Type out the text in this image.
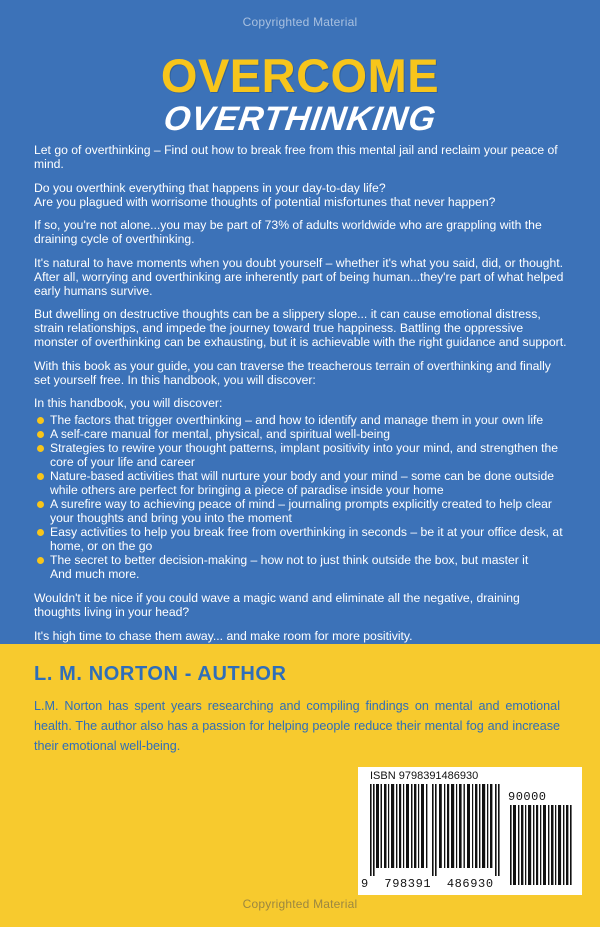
Copyrighted Material
OVERCOME
OVERTHINKING

Let go of overthinking – Find out how to break free from this mental jail and reclaim your peace of mind.

Do you overthink everything that happens in your day-to-day life?

Are you plagued with worrisome thoughts of potential misfortunes that never happen?

If so, you're not alone...you may be part of 73% of adults worldwide who are grappling with the draining cycle of overthinking.

It's natural to have moments when you doubt yourself – whether it's what you said, did, or thought. After all, worrying and overthinking are inherently part of being human...they're part of what helped early humans survive.

But dwelling on destructive thoughts can be a slippery slope... it can cause emotional distress, strain relationships, and impede the journey toward true happiness. Battling the oppressive monster of overthinking can be exhausting, but it is achievable with the right guidance and support.

With this book as your guide, you can traverse the treacherous terrain of overthinking and finally set yourself free. In this handbook, you will discover:

In this handbook, you will discover:

The factors that trigger overthinking – and how to identify and manage them in your own life
A self-care manual for mental, physical, and spiritual well-being
Strategies to rewire your thought patterns, implant positivity into your mind, and strengthen the core of your life and career
Nature-based activities that will nurture your body and your mind – some can be done outside while others are perfect for bringing a piece of paradise inside your home
A surefire way to achieving peace of mind – journaling prompts explicitly created to help clear your thoughts and bring you into the moment
Easy activities to help you break free from overthinking in seconds – be it at your office desk, at home, or on the go
The secret to better decision-making – how not to just think outside the box, but master it
And much more.

Wouldn't it be nice if you could wave a magic wand and eliminate all the negative, draining thoughts living in your head?

It's high time to chase them away... and make room for more positivity.

L. M. NORTON - AUTHOR
L.M. Norton has spent years researching and compiling findings on mental and emotional health. The author also has a passion for helping people reduce their mental fog and increase their emotional well-being.
ISBN 9798391486930
90000
9  798391  486930
Copyrighted Material
